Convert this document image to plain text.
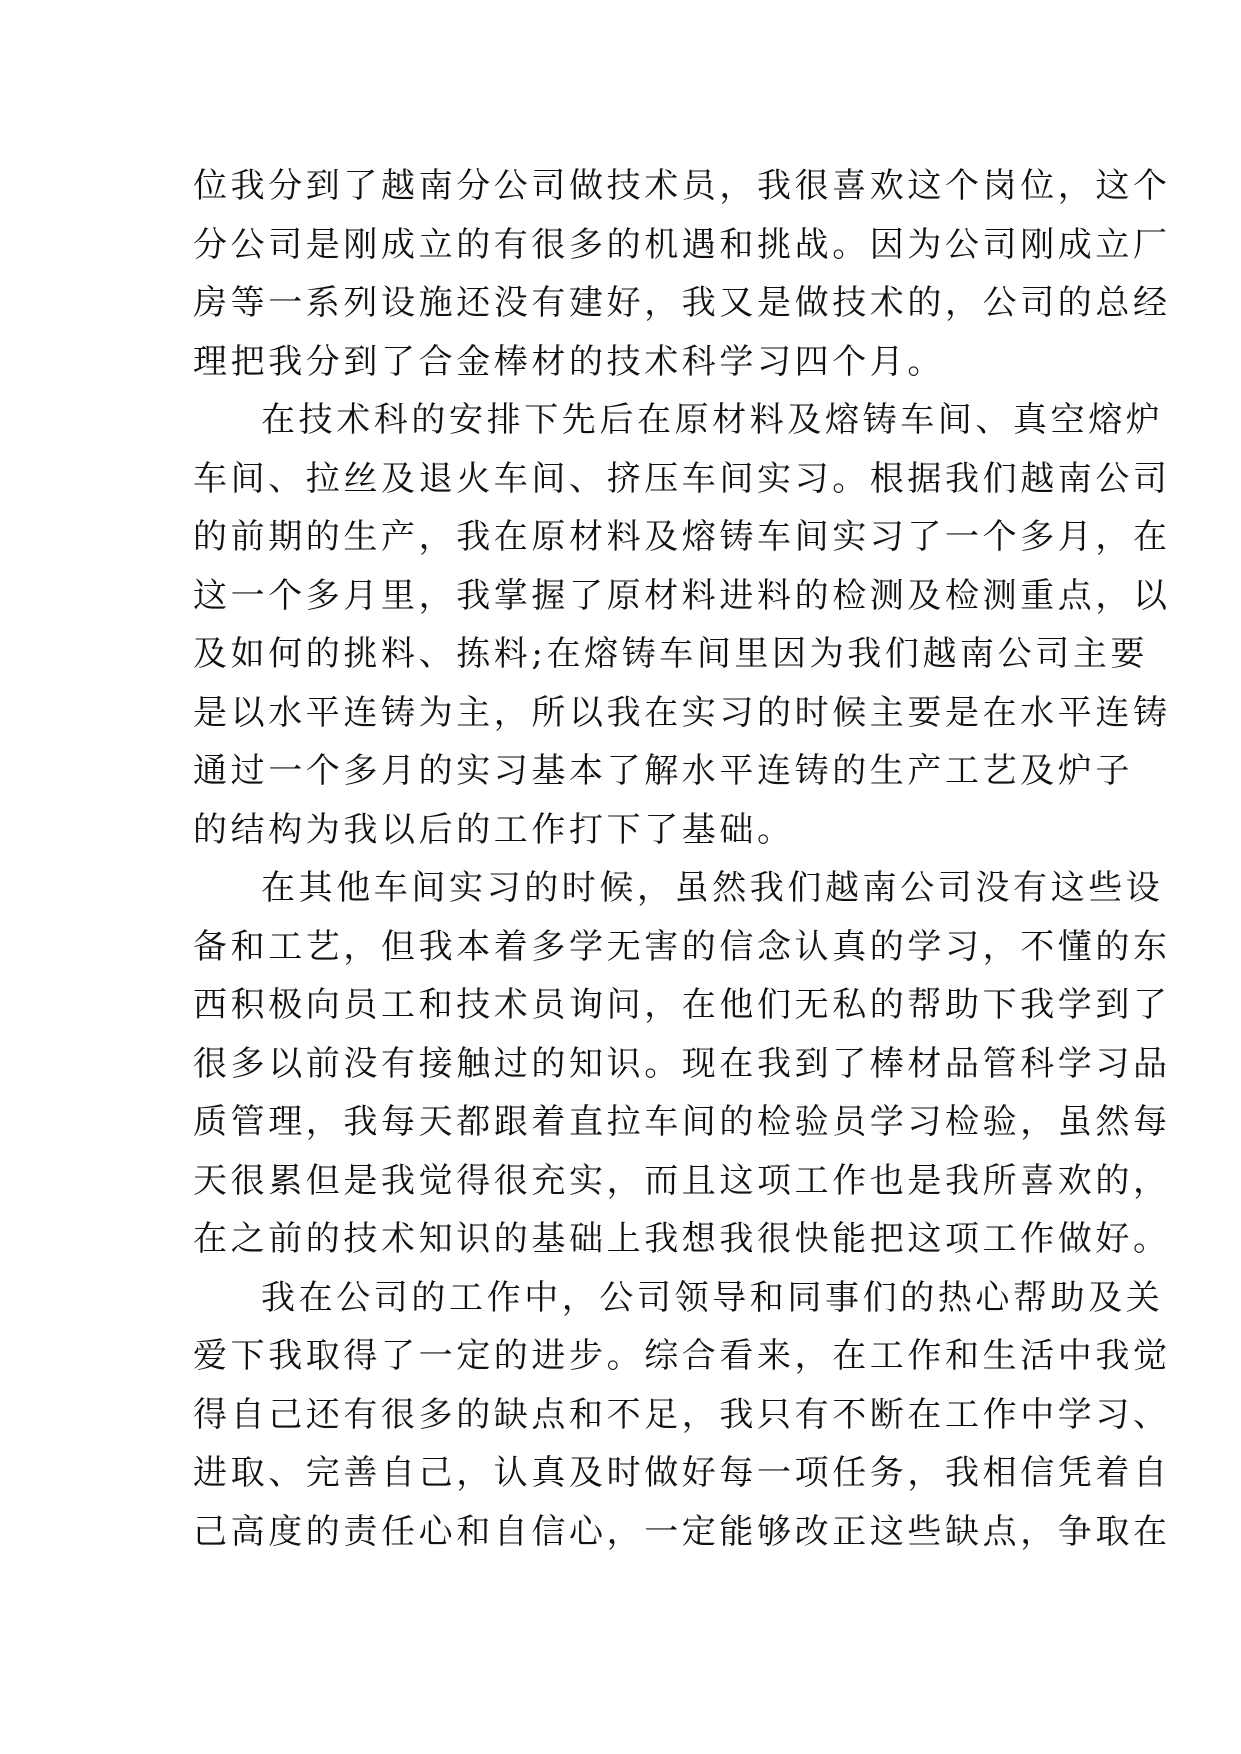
位我分到了越南分公司做技术员，我很喜欢这个岗位，这个
分公司是刚成立的有很多的机遇和挑战。因为公司刚成立厂
房等一系列设施还没有建好，我又是做技术的，公司的总经
理把我分到了合金棒材的技术科学习四个月。
在技术科的安排下先后在原材料及熔铸车间、真空熔炉
车间、拉丝及退火车间、挤压车间实习。根据我们越南公司
的前期的生产，我在原材料及熔铸车间实习了一个多月，在
这一个多月里，我掌握了原材料进料的检测及检测重点，以
及如何的挑料、拣料;在熔铸车间里因为我们越南公司主要
是以水平连铸为主，所以我在实习的时候主要是在水平连铸
通过一个多月的实习基本了解水平连铸的生产工艺及炉子
的结构为我以后的工作打下了基础。
在其他车间实习的时候，虽然我们越南公司没有这些设
备和工艺，但我本着多学无害的信念认真的学习，不懂的东
西积极向员工和技术员询问，在他们无私的帮助下我学到了
很多以前没有接触过的知识。现在我到了棒材品管科学习品
质管理，我每天都跟着直拉车间的检验员学习检验，虽然每
天很累但是我觉得很充实，而且这项工作也是我所喜欢的，
在之前的技术知识的基础上我想我很快能把这项工作做好。
我在公司的工作中，公司领导和同事们的热心帮助及关
爱下我取得了一定的进步。综合看来，在工作和生活中我觉
得自己还有很多的缺点和不足，我只有不断在工作中学习、
进取、完善自己，认真及时做好每一项任务，我相信凭着自
己高度的责任心和自信心，一定能够改正这些缺点，争取在
